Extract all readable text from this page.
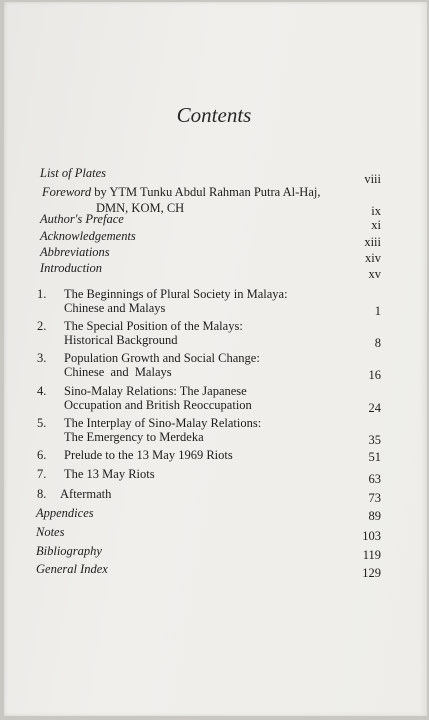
Contents
List of Plates	viii
Foreword by YTM Tunku Abdul Rahman Putra Al-Haj,
DMN, KOM, CH	ix
Author's Preface	xi
Acknowledgements	xiii
Abbreviations	xiv
Introduction	xv
1. The Beginnings of Plural Society in Malaya:
Chinese and Malays	1
2. The Special Position of the Malays:
Historical Background	8
3. Population Growth and Social Change:
Chinese  and  Malays	16
4. Sino-Malay Relations: The Japanese
Occupation and British Reoccupation	24
5. The Interplay of Sino-Malay Relations:
The Emergency to Merdeka	35
6. Prelude to the 13 May 1969 Riots	51
7. The 13 May Riots	63
8. Aftermath	73
Appendices	89
Notes	103
Bibliography	119
General Index	129
